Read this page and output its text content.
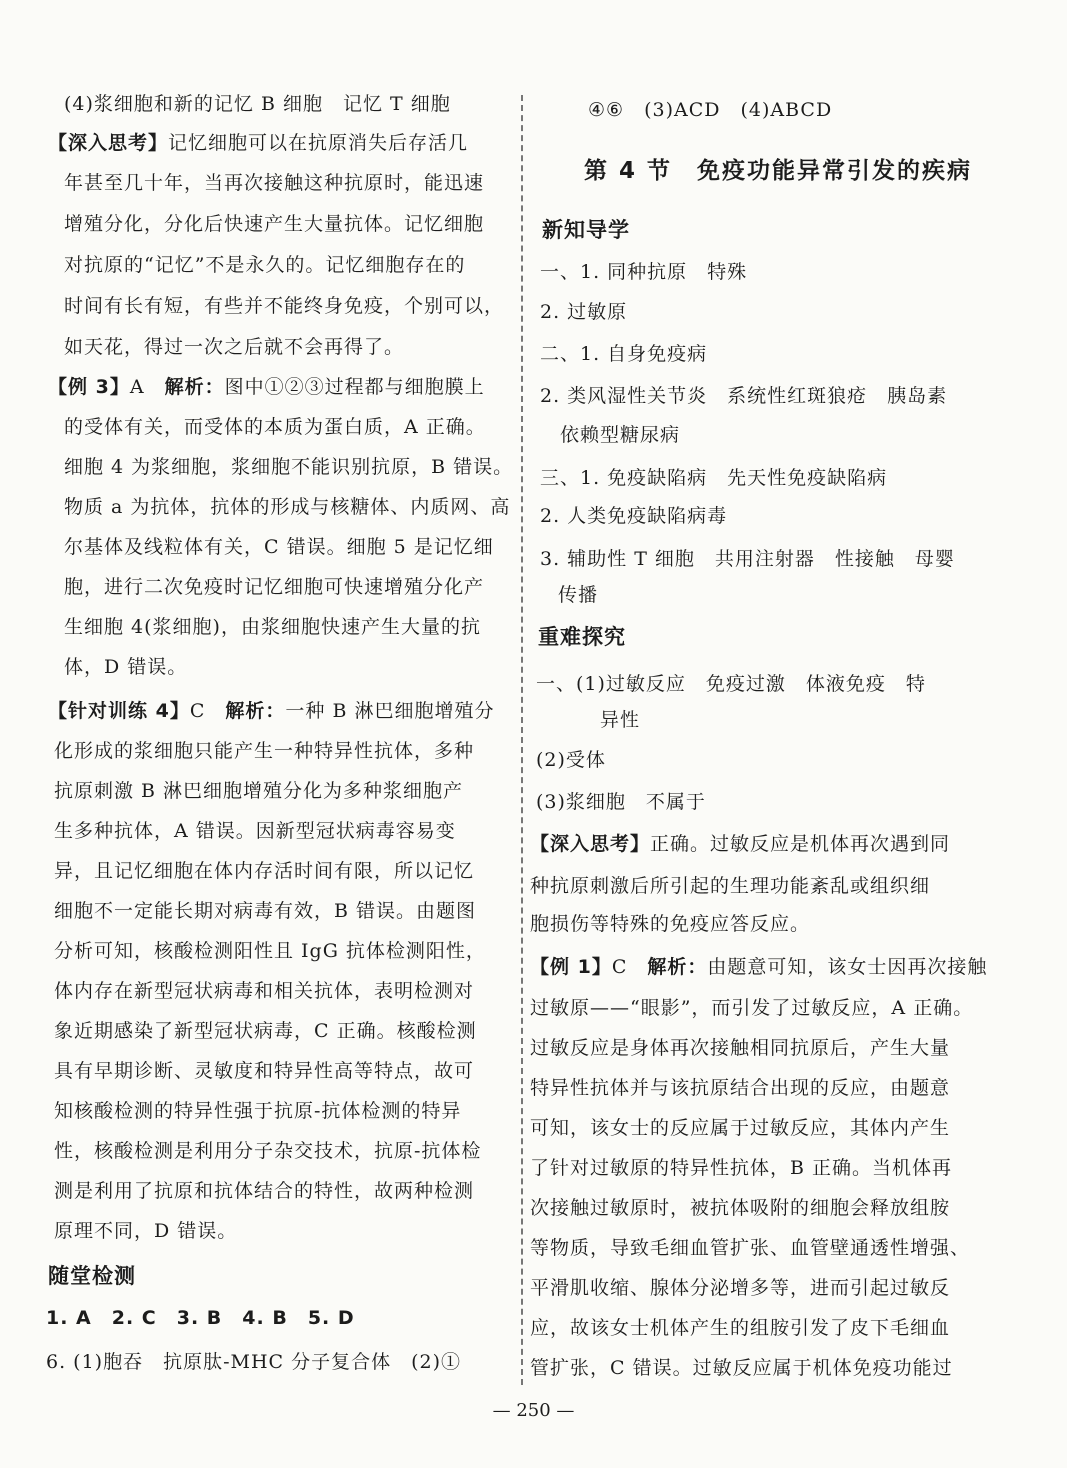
(4)浆细胞和新的记忆 B 细胞　记忆 T 细胞
【深入思考】记忆细胞可以在抗原消失后存活几
年甚至几十年，当再次接触这种抗原时，能迅速
增殖分化，分化后快速产生大量抗体。记忆细胞
对抗原的“记忆”不是永久的。记忆细胞存在的
时间有长有短，有些并不能终身免疫，个别可以，
如天花，得过一次之后就不会再得了。
【例 3】A　解析：图中①②③过程都与细胞膜上
的受体有关，而受体的本质为蛋白质，A 正确。
细胞 4 为浆细胞，浆细胞不能识别抗原，B 错误。
物质 a 为抗体，抗体的形成与核糖体、内质网、高
尔基体及线粒体有关，C 错误。细胞 5 是记忆细
胞，进行二次免疫时记忆细胞可快速增殖分化产
生细胞 4(浆细胞)，由浆细胞快速产生大量的抗
体，D 错误。
【针对训练 4】C　解析：一种 B 淋巴细胞增殖分
化形成的浆细胞只能产生一种特异性抗体，多种
抗原刺激 B 淋巴细胞增殖分化为多种浆细胞产
生多种抗体，A 错误。因新型冠状病毒容易变
异，且记忆细胞在体内存活时间有限，所以记忆
细胞不一定能长期对病毒有效，B 错误。由题图
分析可知，核酸检测阳性且 IgG 抗体检测阳性，
体内存在新型冠状病毒和相关抗体，表明检测对
象近期感染了新型冠状病毒，C 正确。核酸检测
具有早期诊断、灵敏度和特异性高等特点，故可
知核酸检测的特异性强于抗原-抗体检测的特异
性，核酸检测是利用分子杂交技术，抗原-抗体检
测是利用了抗原和抗体结合的特性，故两种检测
原理不同，D 错误。
随堂检测
1. A　2. C　3. B　4. B　5. D
6. (1)胞吞　抗原肽-MHC 分子复合体　(2)①
④⑥　(3)ACD　(4)ABCD
第 4 节　免疫功能异常引发的疾病
新知导学
一、1. 同种抗原　特殊
2. 过敏原
二、1. 自身免疫病
2. 类风湿性关节炎　系统性红斑狼疮　胰岛素
依赖型糖尿病
三、1. 免疫缺陷病　先天性免疫缺陷病
2. 人类免疫缺陷病毒
3. 辅助性 T 细胞　共用注射器　性接触　母婴
传播
重难探究
一、(1)过敏反应　免疫过激　体液免疫　特
异性
(2)受体
(3)浆细胞　不属于
【深入思考】正确。过敏反应是机体再次遇到同
种抗原刺激后所引起的生理功能紊乱或组织细
胞损伤等特殊的免疫应答反应。
【例 1】C　解析：由题意可知，该女士因再次接触
过敏原——“眼影”，而引发了过敏反应，A 正确。
过敏反应是身体再次接触相同抗原后，产生大量
特异性抗体并与该抗原结合出现的反应，由题意
可知，该女士的反应属于过敏反应，其体内产生
了针对过敏原的特异性抗体，B 正确。当机体再
次接触过敏原时，被抗体吸附的细胞会释放组胺
等物质，导致毛细血管扩张、血管壁通透性增强、
平滑肌收缩、腺体分泌增多等，进而引起过敏反
应，故该女士机体产生的组胺引发了皮下毛细血
管扩张，C 错误。过敏反应属于机体免疫功能过
— 250 —
